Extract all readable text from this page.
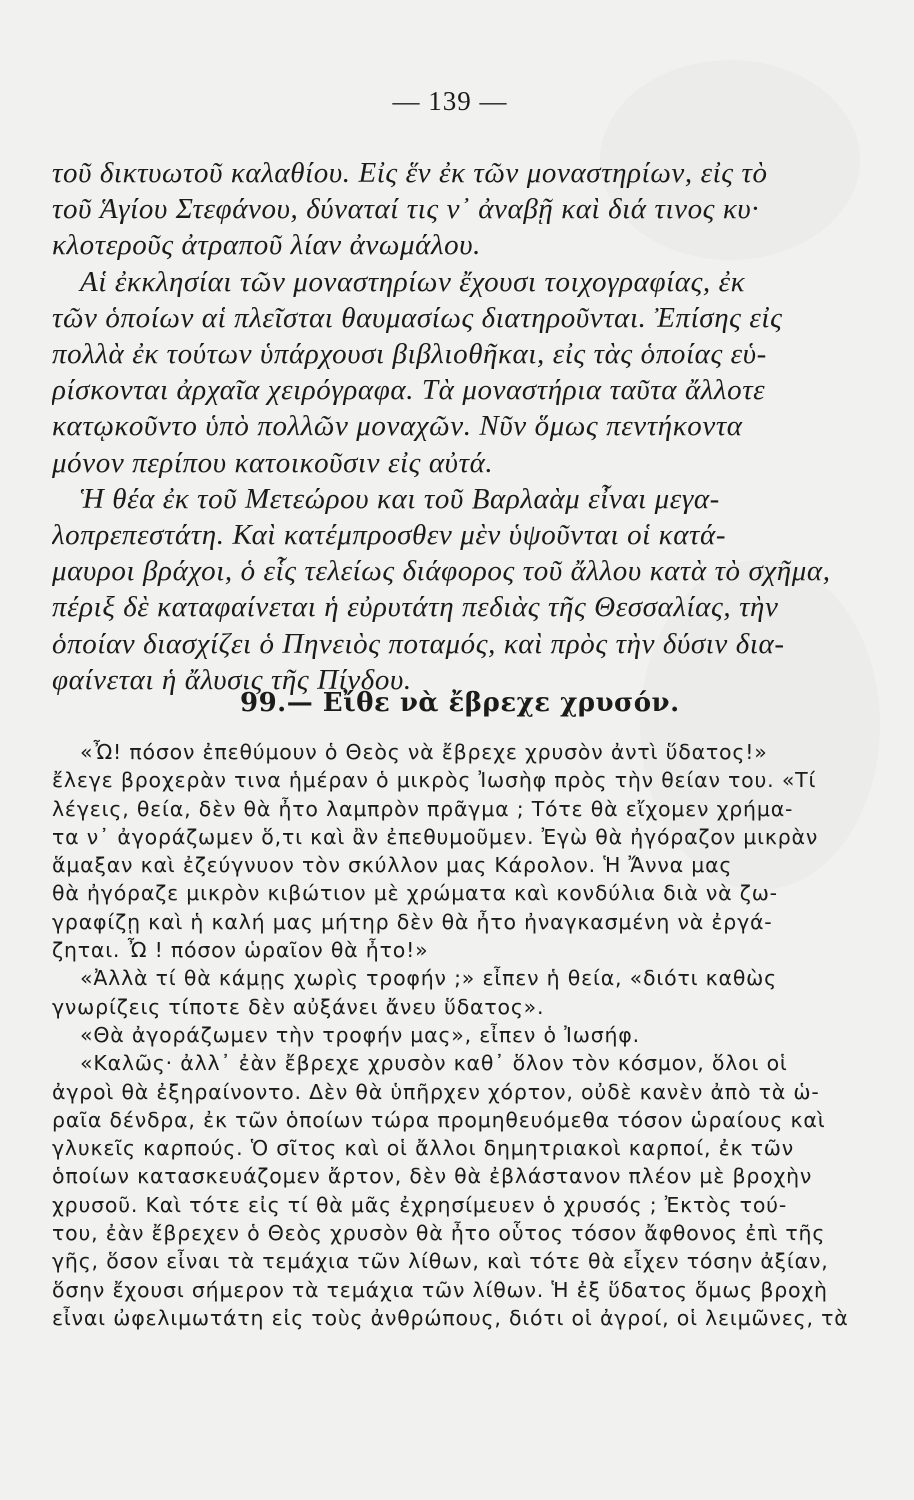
— 139 —
τοῦ δικτυωτοῦ καλαθίου. Εἰς ἕν ἐκ τῶν μοναστηρίων, εἰς τὸ
τοῦ Ἁγίου Στεφάνου, δύναταί τις ν᾿ ἀναβῇ καὶ διά τινος κυ·
κλοτεροῦς ἀτραποῦ λίαν ἀνωμάλου.
Αἱ ἐκκλησίαι τῶν μοναστηρίων ἔχουσι τοιχογραφίας, ἐκ
τῶν ὁποίων αἱ πλεῖσται θαυμασίως διατηροῦνται. Ἐπίσης εἰς
πολλὰ ἐκ τούτων ὑπάρχουσι βιβλιοθῆκαι, εἰς τὰς ὁποίας εὑ-
ρίσκονται ἀρχαῖα χειρόγραφα. Τὰ μοναστήρια ταῦτα ἄλλοτε
κατῳκοῦντο ὑπὸ πολλῶν μοναχῶν. Νῦν ὅμως πεντήκοντα
μόνον περίπου κατοικοῦσιν εἰς αὐτά.
Ἡ θέα ἐκ τοῦ Μετεώρου και τοῦ Βαρλαὰμ εἶναι μεγα-
λοπρεπεστάτη. Καὶ κατέμπροσθεν μὲν ὑψοῦνται οἱ κατά-
μαυροι βράχοι, ὁ εἷς τελείως διάφορος τοῦ ἄλλου κατὰ τὸ σχῆμα,
πέριξ δὲ καταφαίνεται ἡ εὐρυτάτη πεδιὰς τῆς Θεσσαλίας, τὴν
ὁποίαν διασχίζει ὁ Πηνειὸς ποταμός, καὶ πρὸς τὴν δύσιν δια-
φαίνεται ἡ ἄλυσις τῆς Πίνδου.
99.— Εἴθε νὰ ἔβρεχε χρυσόν.
«Ὦ! πόσον ἐπεθύμουν ὁ Θεὸς νὰ ἔβρεχε χρυσὸν ἀντὶ ὕδατος!»
ἔλεγε βροχερὰν τινα ἡμέραν ὁ μικρὸς Ἰωσὴφ πρὸς τὴν θείαν του. «Τί
λέγεις, θεία, δὲν θὰ ἦτο λαμπρὸν πρᾶγμα ; Τότε θὰ εἴχομεν χρήμα-
τα ν᾿ ἀγοράζωμεν ὅ,τι καὶ ἂν ἐπεθυμοῦμεν. Ἐγὼ θὰ ἠγόραζον μικρὰν
ἅμαξαν καὶ ἐζεύγνυον τὸν σκύλλον μας Κάρολον. Ἡ Ἄννα μας
θὰ ἠγόραζε μικρὸν κιβώτιον μὲ χρώματα καὶ κονδύλια διὰ νὰ ζω-
γραφίζῃ καὶ ἡ καλή μας μήτηρ δὲν θὰ ἦτο ἠναγκασμένη νὰ ἐργά-
ζηται. Ὦ ! πόσον ὡραῖον θὰ ἦτο!»
«Ἀλλὰ τί θὰ κάμῃς χωρὶς τροφήν ;» εἶπεν ἡ θεία, «διότι καθὼς
γνωρίζεις τίποτε δὲν αὐξάνει ἄνευ ὕδατος».
«Θὰ ἀγοράζωμεν τὴν τροφήν μας», εἶπεν ὁ Ἰωσήφ.
«Καλῶς· ἀλλ᾿ ἐὰν ἔβρεχε χρυσὸν καθ᾿ ὅλον τὸν κόσμον, ὅλοι οἱ
ἀγροὶ θὰ ἐξηραίνοντο. Δὲν θὰ ὑπῆρχεν χόρτον, οὐδὲ κανὲν ἀπὸ τὰ ὡ-
ραῖα δένδρα, ἐκ τῶν ὁποίων τώρα προμηθευόμεθα τόσον ὡραίους καὶ
γλυκεῖς καρπούς. Ὁ σῖτος καὶ οἱ ἄλλοι δημητριακοὶ καρποί, ἐκ τῶν
ὁποίων κατασκευάζομεν ἄρτον, δὲν θὰ ἐβλάστανον πλέον μὲ βροχὴν
χρυσοῦ. Καὶ τότε εἰς τί θὰ μᾶς ἐχρησίμευεν ὁ χρυσός ; Ἐκτὸς τού-
του, ἐὰν ἔβρεχεν ὁ Θεὸς χρυσὸν θὰ ἦτο οὗτος τόσον ἄφθονος ἐπὶ τῆς
γῆς, ὅσον εἶναι τὰ τεμάχια τῶν λίθων, καὶ τότε θὰ εἶχεν τόσην ἀξίαν,
ὅσην ἔχουσι σήμερον τὰ τεμάχια τῶν λίθων. Ἡ ἐξ ὕδατος ὅμως βροχὴ
εἶναι ὠφελιμωτάτη εἰς τοὺς ἀνθρώπους, διότι οἱ ἀγροί, οἱ λειμῶνες, τὰ
